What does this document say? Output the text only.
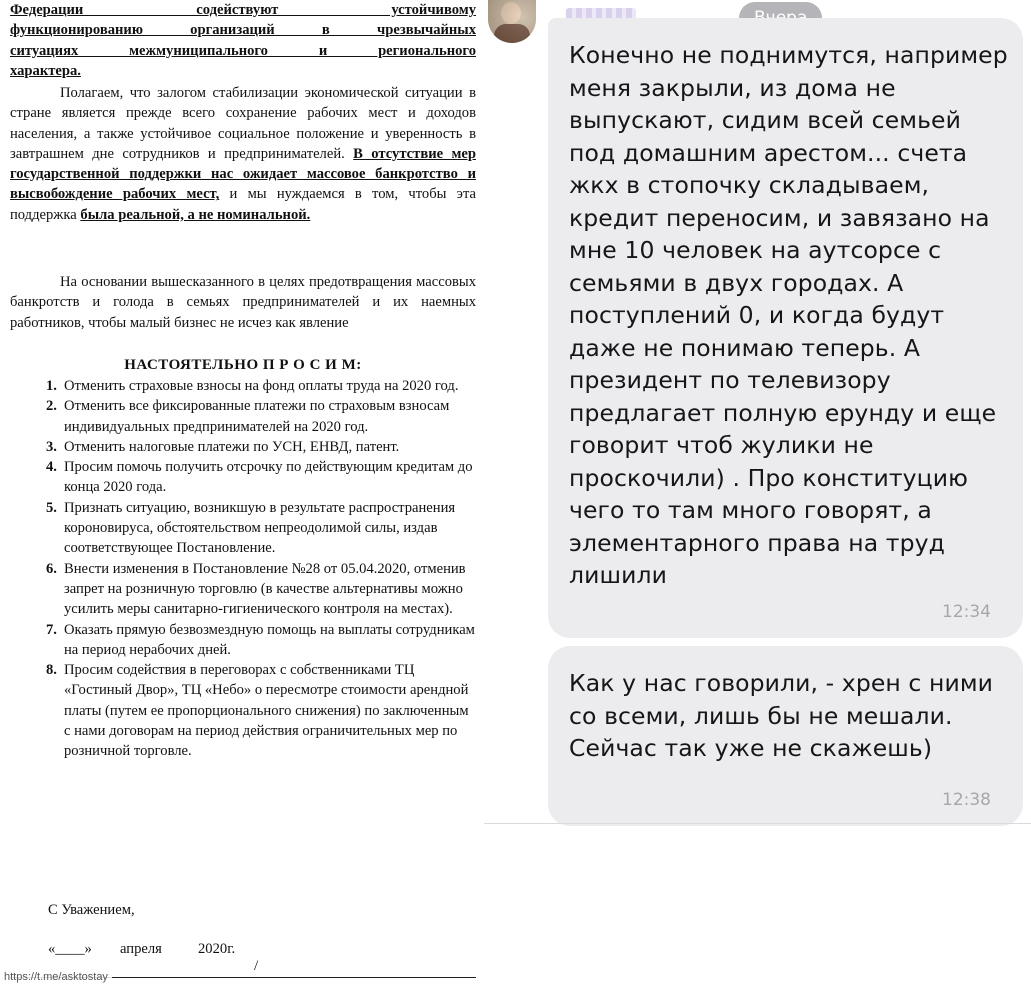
Федерации содействуют устойчивому
функционированию организаций в чрезвычайных
ситуациях межмуниципального и регионального
характера.
Полагаем, что залогом стабилизации экономической ситуации в стране является прежде всего сохранение рабочих мест и доходов населения, а также устойчивое социальное положение и уверенность в завтрашнем дне сотрудников и предпринимателей. В отсутствие мер государственной поддержки нас ожидает массовое банкротство и высвобождение рабочих мест, и мы нуждаемся в том, чтобы эта поддержка была реальной, а не номинальной.
На основании вышесказанного в целях предотвращения массовых банкротств и голода в семьях предпринимателей и их наемных работников, чтобы малый бизнес не исчез как явление
НАСТОЯТЕЛЬНО П Р О С И М:
1. Отменить страховые взносы на фонд оплаты труда на 2020 год.
2. Отменить все фиксированные платежи по страховым взносам индивидуальных предпринимателей на 2020 год.
3. Отменить налоговые платежи по УСН, ЕНВД, патент.
4. Просим помочь получить отсрочку по действующим кредитам до конца 2020 года.
5. Признать ситуацию, возникшую в результате распространения короновируса, обстоятельством непреодолимой силы, издав соответствующее Постановление.
6. Внести изменения в Постановление №28 от 05.04.2020, отменив запрет на розничную торговлю (в качестве альтернативы можно усилить меры санитарно-гигиенического контроля на местах).
7. Оказать прямую безвозмездную помощь на выплаты сотрудникам на период нерабочих дней.
8. Просим содействия в переговорах с собственниками ТЦ «Гостиный Двор», ТЦ «Небо» о пересмотре стоимости арендной платы (путем ее пропорционального снижения) по заключенным с нами договорам на период действия ограничительных мер по розничной торговле.
С Уважением,
«____» апреля 2020г.
/
https://t.me/asktostay
Конечно не поднимутся, например меня закрыли, из дома не выпускают, сидим всей семьей под домашним арестом... счета жкх в стопочку складываем, кредит переносим, и завязано на мне 10 человек на аутсорсе с семьями в двух городах. А поступлений 0, и когда будут даже не понимаю теперь. А президент по телевизору предлагает полную ерунду и еще говорит чтоб жулики не проскочили) . Про конституцию чего то там много говорят, а элементарного права на труд лишили
12:34
Как у нас говорили, - хрен с ними со всеми, лишь бы не мешали. Сейчас так уже не скажешь)
12:38
